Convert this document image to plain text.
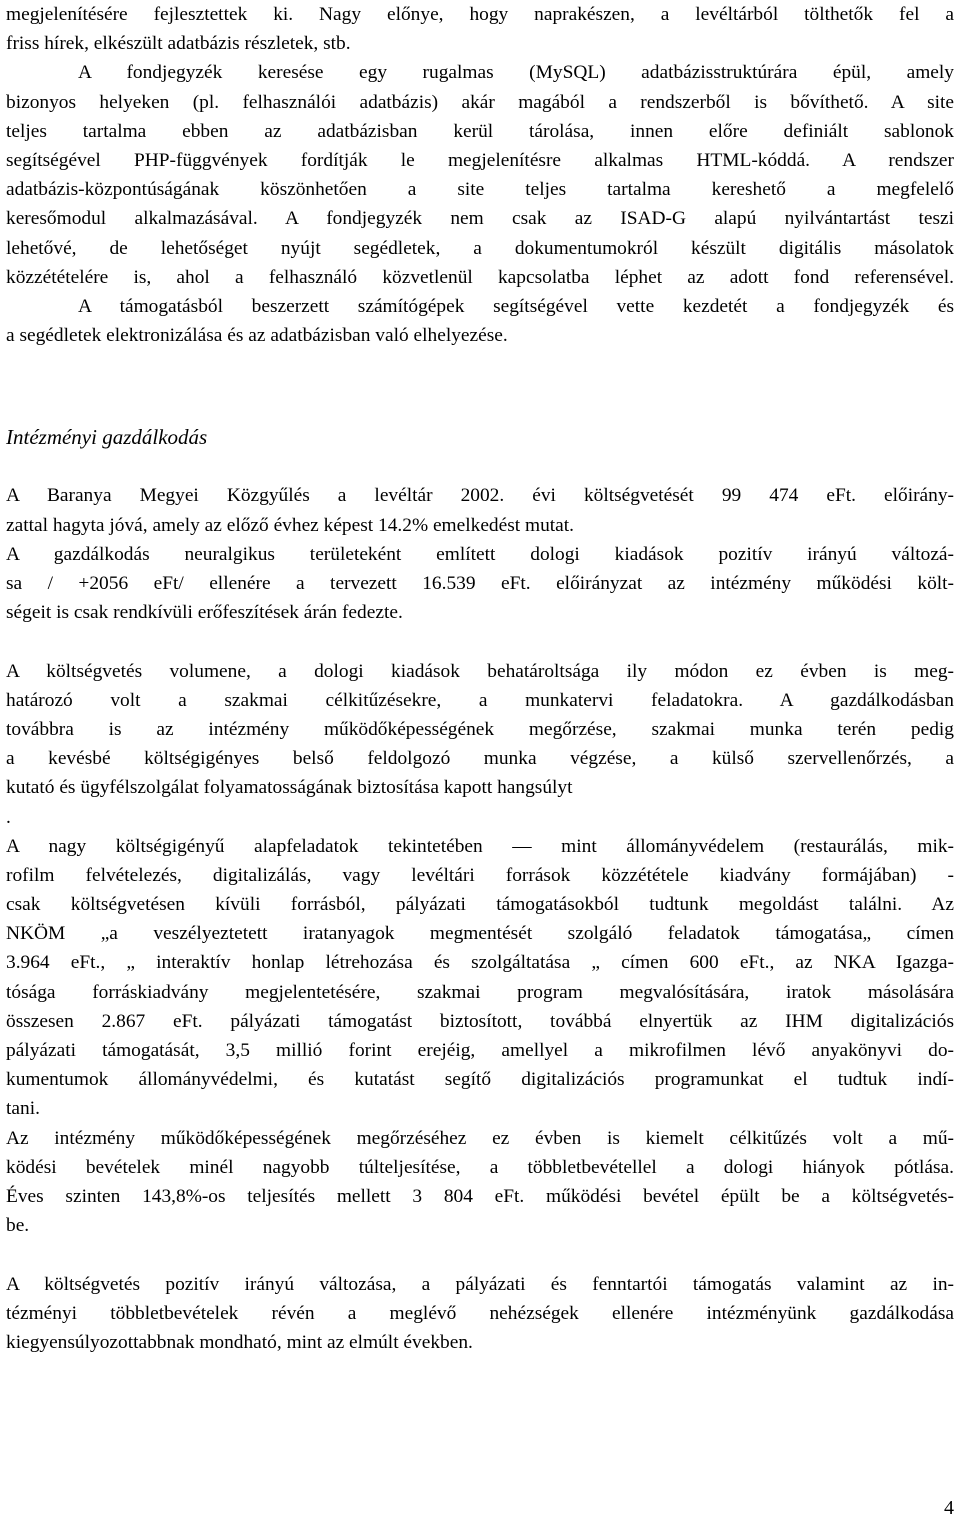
megjelenítésére fejlesztettek ki. Nagy előnye, hogy naprakészen, a levéltárból tölthetők fel a
friss hírek, elkészült adatbázis részletek, stb.
A fondjegyzék keresése egy rugalmas (MySQL) adatbázisstruktúrára épül, amely
bizonyos helyeken (pl. felhasználói adatbázis) akár magából a rendszerből is bővíthető. A site
teljes tartalma ebben az adatbázisban kerül tárolása, innen előre definiált sablonok
segítségével PHP-függvények fordítják le megjelenítésre alkalmas HTML-kóddá. A rendszer
adatbázis-központúságának köszönhetően a site teljes tartalma kereshető a megfelelő
keresőmodul alkalmazásával. A fondjegyzék nem csak az ISAD-G alapú nyilvántartást teszi
lehetővé, de lehetőséget nyújt segédletek, a dokumentumokról készült digitális másolatok
közzétételére is, ahol a felhasználó közvetlenül kapcsolatba léphet az adott fond referensével.
A támogatásból beszerzett számítógépek segítségével vette kezdetét a fondjegyzék és
a segédletek elektronizálása és az adatbázisban való elhelyezése.
Intézményi gazdálkodás
A Baranya Megyei Közgyűlés a levéltár 2002. évi költségvetését 99 474 eFt. előirány-
zattal hagyta jóvá, amely az előző évhez képest 14.2% emelkedést mutat.
A gazdálkodás neuralgikus területeként említett dologi kiadások pozitív irányú változá-
sa / +2056 eFt/ ellenére a tervezett 16.539 eFt. előirányzat az intézmény működési költ-
ségeit is csak rendkívüli erőfeszítések árán fedezte.
A költségvetés volumene, a dologi kiadások behatároltsága ily módon ez évben is meg-
határozó volt a szakmai célkitűzésekre, a munkatervi feladatokra. A gazdálkodásban
továbbra is az intézmény működőképességének megőrzése, szakmai munka terén pedig
a kevésbé költségigényes belső feldolgozó munka végzése, a külső szervellenőrzés, a
kutató és ügyfélszolgálat folyamatosságának biztosítása kapott hangsúlyt
.
A nagy költségigényű alapfeladatok tekintetében — mint állományvédelem (restaurálás, mik-
rofilm felvételezés, digitalizálás, vagy levéltári források közzététele kiadvány formájában) -
csak költségvetésen kívüli forrásból, pályázati támogatásokból tudtunk megoldást találni. Az
NKÖM „a veszélyeztetett iratanyagok megmentését szolgáló feladatok támogatása„ címen
3.964 eFt., „ interaktív honlap létrehozása és szolgáltatása „ címen 600 eFt., az NKA Igazga-
tósága forráskiadvány megjelentetésére, szakmai program megvalósítására, iratok másolására
összesen 2.867 eFt. pályázati támogatást biztosított, továbbá elnyertük az IHM digitalizációs
pályázati támogatását, 3,5 millió forint erejéig, amellyel a mikrofilmen lévő anyakönyvi do-
kumentumok állományvédelmi, és kutatást segítő digitalizációs programunkat el tudtuk indí-
tani.
Az intézmény működőképességének megőrzéséhez ez évben is kiemelt célkitűzés volt a mű-
ködési bevételek minél nagyobb túlteljesítése, a többletbevétellel a dologi hiányok pótlása.
Éves szinten 143,8%-os teljesítés mellett 3 804 eFt. működési bevétel épült be a költségvetés-
be.
A költségvetés pozitív irányú változása, a pályázati és fenntartói támogatás valamint az in-
tézményi többletbevételek révén a meglévő nehézségek ellenére intézményünk gazdálkodása
kiegyensúlyozottabbnak mondható, mint az elmúlt években.
4
